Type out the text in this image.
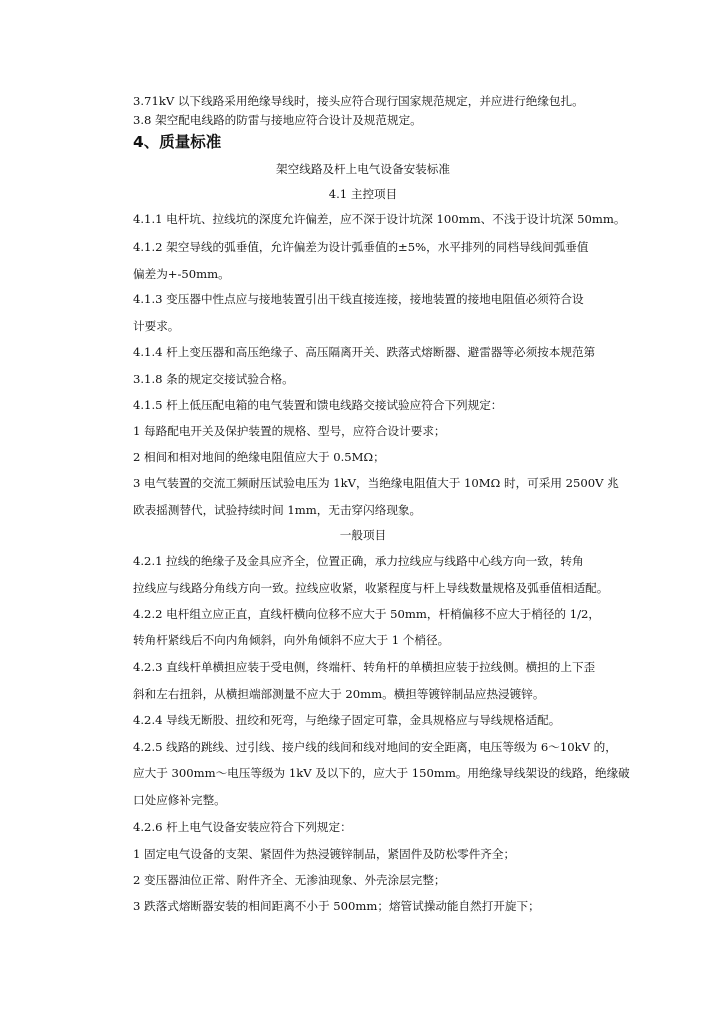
3.71kV 以下线路采用绝缘导线时，接头应符合现行国家规范规定，并应进行绝缘包扎。
3.8 架空配电线路的防雷与接地应符合设计及规范规定。
4、质量标准
架空线路及杆上电气设备安装标准
4.1 主控项目
4.1.1 电杆坑、拉线坑的深度允许偏差，应不深于设计坑深 100mm、不浅于设计坑深 50mm。
4.1.2 架空导线的弧垂值，允许偏差为设计弧垂值的±5%，水平排列的同档导线间弧垂值
偏差为+-50mm。
4.1.3 变压器中性点应与接地装置引出干线直接连接，接地装置的接地电阻值必须符合设
计要求。
4.1.4 杆上变压器和高压绝缘子、高压隔离开关、跌落式熔断器、避雷器等必须按本规范第
3.1.8 条的规定交接试验合格。
4.1.5 杆上低压配电箱的电气装置和馈电线路交接试验应符合下列规定：
1 每路配电开关及保护装置的规格、型号，应符合设计要求；
2 相间和相对地间的绝缘电阻值应大于 0.5MΩ；
3 电气装置的交流工频耐压试验电压为 1kV，当绝缘电阻值大于 10MΩ 时，可采用 2500V 兆
欧表摇测替代，试验持续时间 1mm，无击穿闪络现象。
一般项目
4.2.1 拉线的绝缘子及金具应齐全，位置正确，承力拉线应与线路中心线方向一致，转角
拉线应与线路分角线方向一致。拉线应收紧，收紧程度与杆上导线数量规格及弧垂值相适配。
4.2.2 电杆组立应正直，直线杆横向位移不应大于 50mm，杆梢偏移不应大于梢径的 1/2，
转角杆紧线后不向内角倾斜，向外角倾斜不应大于 1 个梢径。
4.2.3 直线杆单横担应装于受电侧，终端杆、转角杆的单横担应装于拉线侧。横担的上下歪
斜和左右扭斜，从横担端部测量不应大于 20mm。横担等镀锌制品应热浸镀锌。
4.2.4 导线无断股、扭绞和死弯，与绝缘子固定可靠，金具规格应与导线规格适配。
4.2.5 线路的跳线、过引线、接户线的线间和线对地间的安全距离，电压等级为 6～10kV 的，
应大于 300mm～电压等级为 1kV 及以下的，应大于 150mm。用绝缘导线架设的线路，绝缘破
口处应修补完整。
4.2.6 杆上电气设备安装应符合下列规定：
1 固定电气设备的支架、紧固件为热浸镀锌制品，紧固件及防松零件齐全；
2 变压器油位正常、附件齐全、无渗油现象、外壳涂层完整；
3 跌落式熔断器安装的相间距离不小于 500mm；熔管试操动能自然打开旋下；
